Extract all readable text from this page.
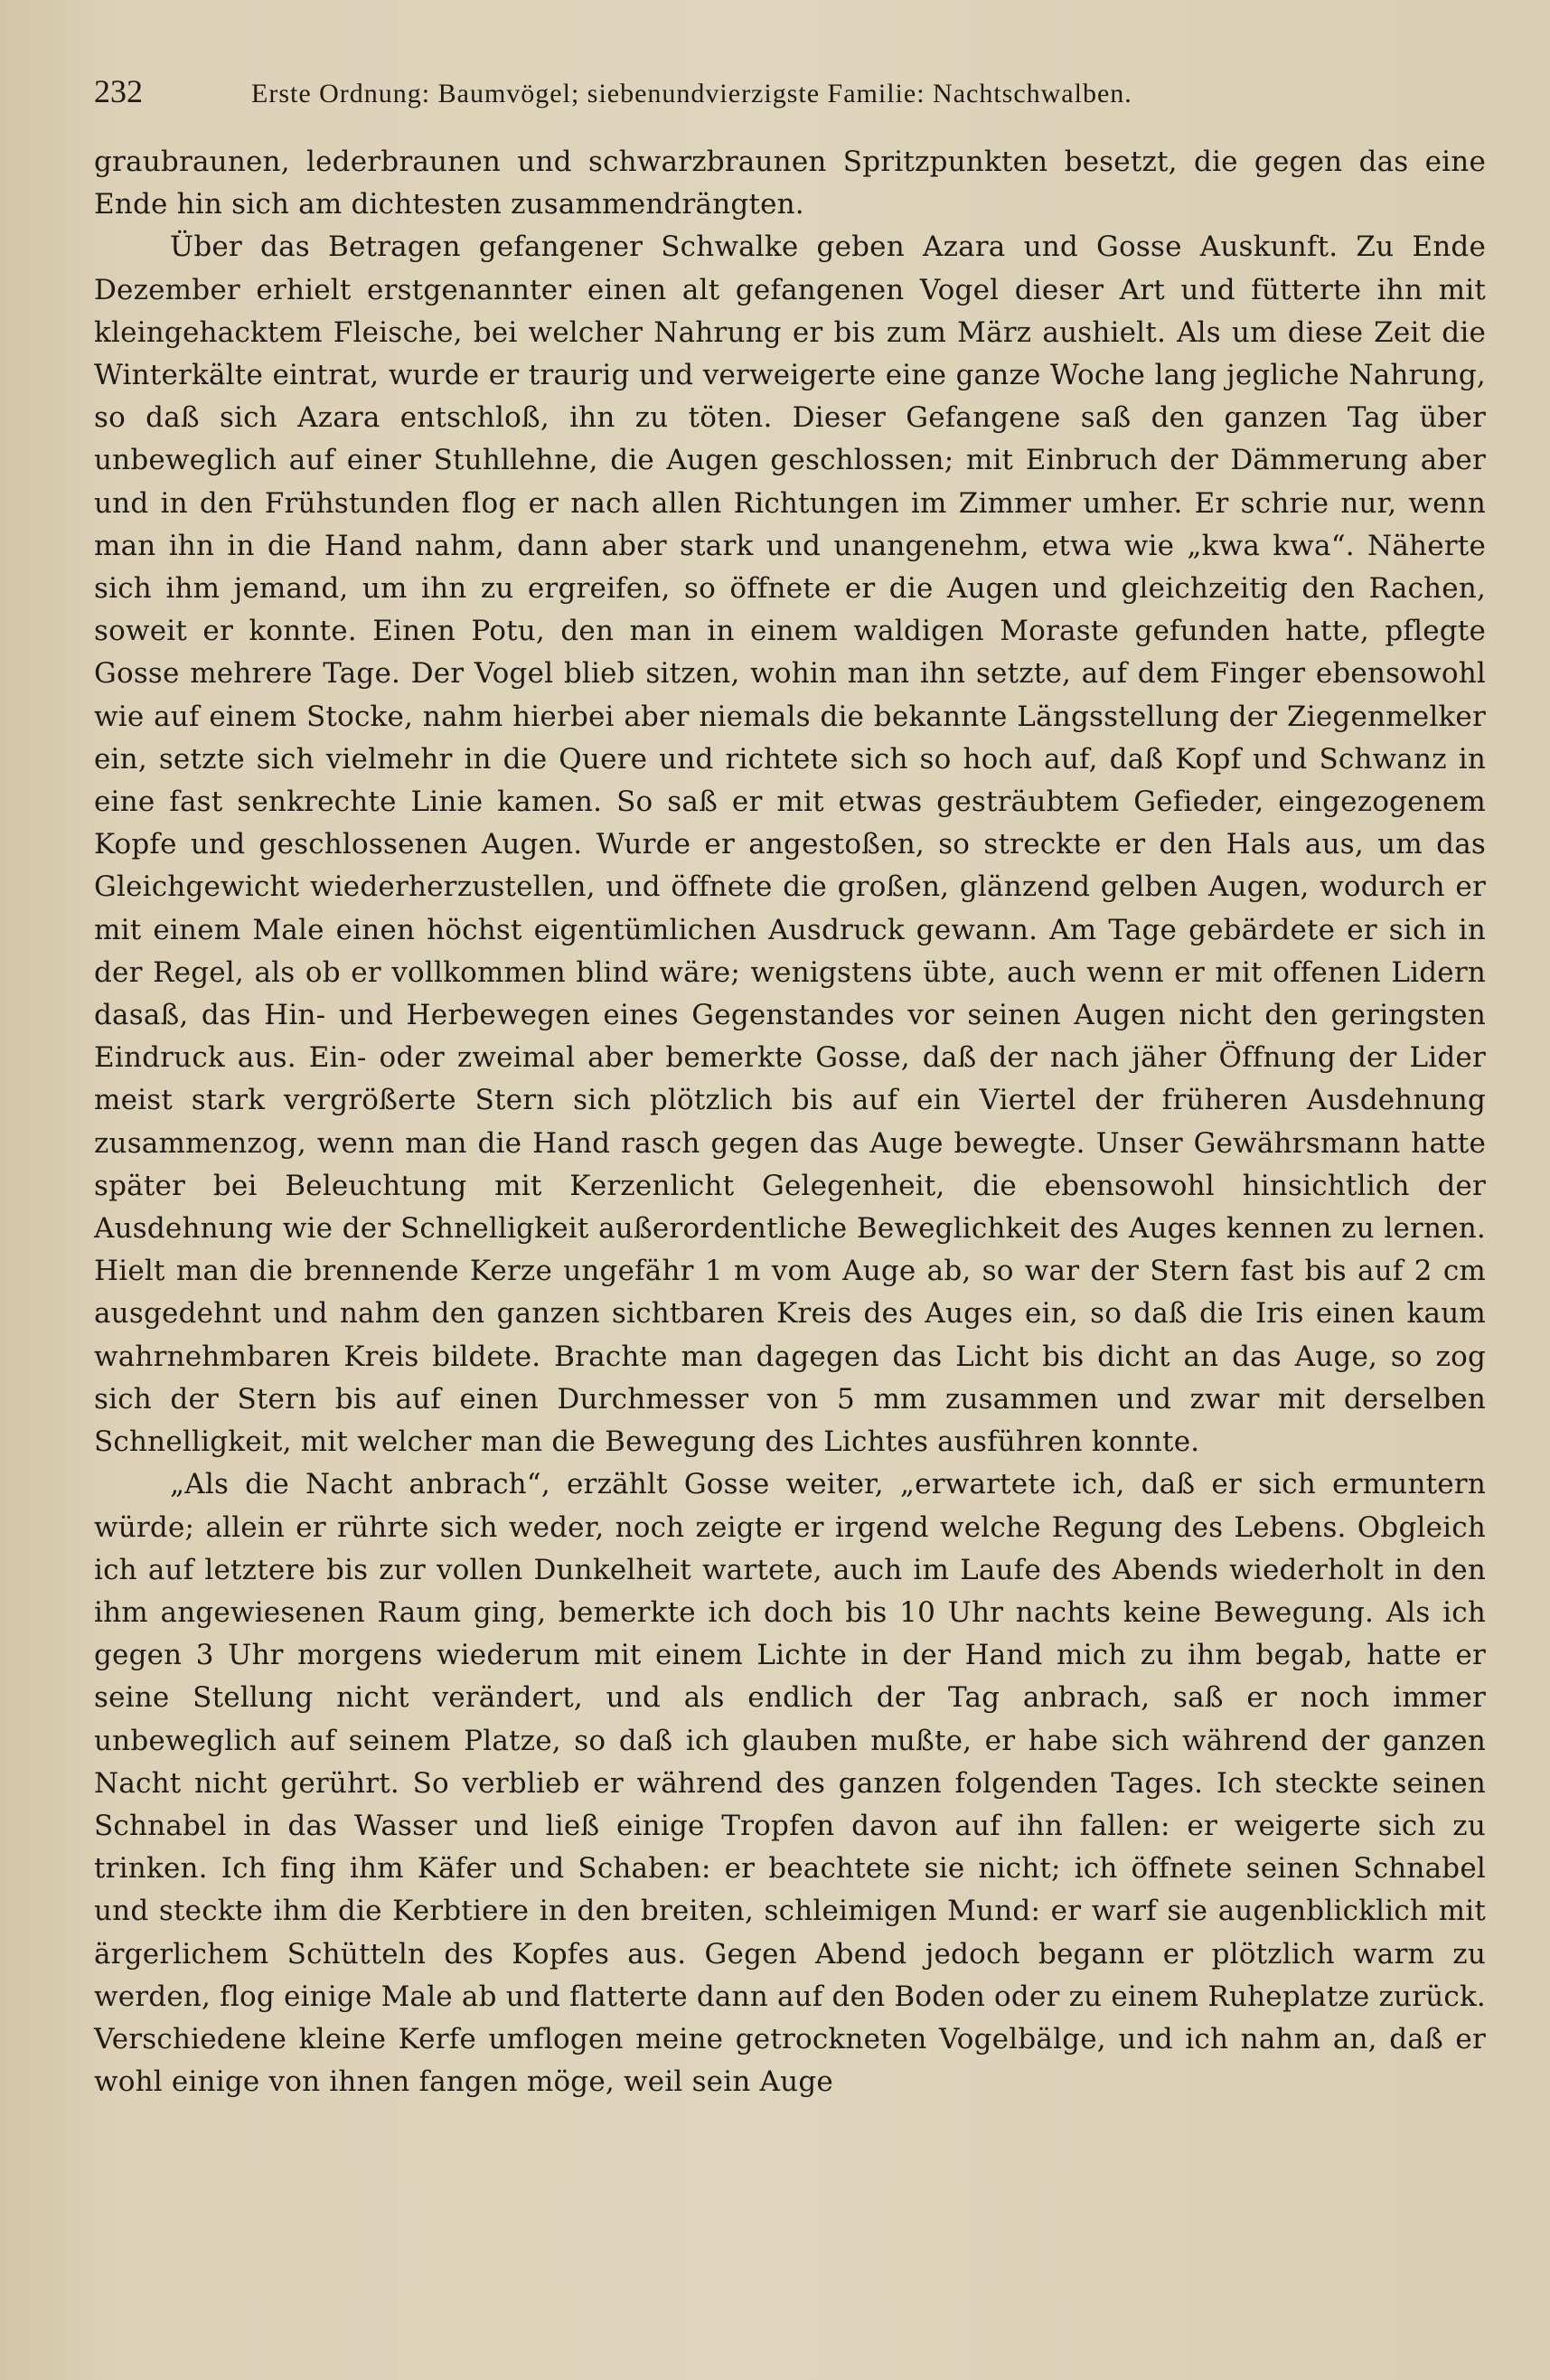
232	Erste Ordnung: Baumvögel; siebenundvierzigste Familie: Nachtschwalben.

graubraunen, lederbraunen und schwarzbraunen Spritzpunkten besetzt, die gegen das eine Ende hin sich am dichtesten zusammendrängten.

Über das Betragen gefangener Schwalke geben Azara und Gosse Auskunft. Zu Ende Dezember erhielt erstgenannter einen alt gefangenen Vogel dieser Art und fütterte ihn mit kleingehacktem Fleische, bei welcher Nahrung er bis zum März aushielt. Als um diese Zeit die Winterkälte eintrat, wurde er traurig und verweigerte eine ganze Woche lang jegliche Nahrung, so daß sich Azara entschloß, ihn zu töten. Dieser Gefangene saß den ganzen Tag über unbeweglich auf einer Stuhllehne, die Augen geschlossen; mit Einbruch der Dämmerung aber und in den Frühstunden flog er nach allen Richtungen im Zimmer umher. Er schrie nur, wenn man ihn in die Hand nahm, dann aber stark und unangenehm, etwa wie „kwa kwa“. Näherte sich ihm jemand, um ihn zu ergreifen, so öffnete er die Augen und gleichzeitig den Rachen, soweit er konnte. Einen Potu, den man in einem waldigen Moraste gefunden hatte, pflegte Gosse mehrere Tage. Der Vogel blieb sitzen, wohin man ihn setzte, auf dem Finger ebensowohl wie auf einem Stocke, nahm hierbei aber niemals die bekannte Längsstellung der Ziegenmelker ein, setzte sich vielmehr in die Quere und richtete sich so hoch auf, daß Kopf und Schwanz in eine fast senkrechte Linie kamen. So saß er mit etwas gesträubtem Gefieder, eingezogenem Kopfe und geschlossenen Augen. Wurde er angestoßen, so streckte er den Hals aus, um das Gleichgewicht wiederherzustellen, und öffnete die großen, glänzend gelben Augen, wodurch er mit einem Male einen höchst eigentümlichen Ausdruck gewann. Am Tage gebärdete er sich in der Regel, als ob er vollkommen blind wäre; wenigstens übte, auch wenn er mit offenen Lidern dasaß, das Hin- und Herbewegen eines Gegenstandes vor seinen Augen nicht den geringsten Eindruck aus. Ein- oder zweimal aber bemerkte Gosse, daß der nach jäher Öffnung der Lider meist stark vergrößerte Stern sich plötzlich bis auf ein Viertel der früheren Ausdehnung zusammenzog, wenn man die Hand rasch gegen das Auge bewegte. Unser Gewährsmann hatte später bei Beleuchtung mit Kerzenlicht Gelegenheit, die ebensowohl hinsichtlich der Ausdehnung wie der Schnelligkeit außerordentliche Beweglichkeit des Auges kennen zu lernen. Hielt man die brennende Kerze ungefähr 1 m vom Auge ab, so war der Stern fast bis auf 2 cm ausgedehnt und nahm den ganzen sichtbaren Kreis des Auges ein, so daß die Iris einen kaum wahrnehmbaren Kreis bildete. Brachte man dagegen das Licht bis dicht an das Auge, so zog sich der Stern bis auf einen Durchmesser von 5 mm zusammen und zwar mit derselben Schnelligkeit, mit welcher man die Bewegung des Lichtes ausführen konnte.

„Als die Nacht anbrach“, erzählt Gosse weiter, „erwartete ich, daß er sich ermuntern würde; allein er rührte sich weder, noch zeigte er irgend welche Regung des Lebens. Obgleich ich auf letztere bis zur vollen Dunkelheit wartete, auch im Laufe des Abends wiederholt in den ihm angewiesenen Raum ging, bemerkte ich doch bis 10 Uhr nachts keine Bewegung. Als ich gegen 3 Uhr morgens wiederum mit einem Lichte in der Hand mich zu ihm begab, hatte er seine Stellung nicht verändert, und als endlich der Tag anbrach, saß er noch immer unbeweglich auf seinem Platze, so daß ich glauben mußte, er habe sich während der ganzen Nacht nicht gerührt. So verblieb er während des ganzen folgenden Tages. Ich steckte seinen Schnabel in das Wasser und ließ einige Tropfen davon auf ihn fallen: er weigerte sich zu trinken. Ich fing ihm Käfer und Schaben: er beachtete sie nicht; ich öffnete seinen Schnabel und steckte ihm die Kerbtiere in den breiten, schleimigen Mund: er warf sie augenblicklich mit ärgerlichem Schütteln des Kopfes aus. Gegen Abend jedoch begann er plötzlich warm zu werden, flog einige Male ab und flatterte dann auf den Boden oder zu einem Ruheplatze zurück. Verschiedene kleine Kerfe umflogen meine getrockneten Vogelbälge, und ich nahm an, daß er wohl einige von ihnen fangen möge, weil sein Auge
